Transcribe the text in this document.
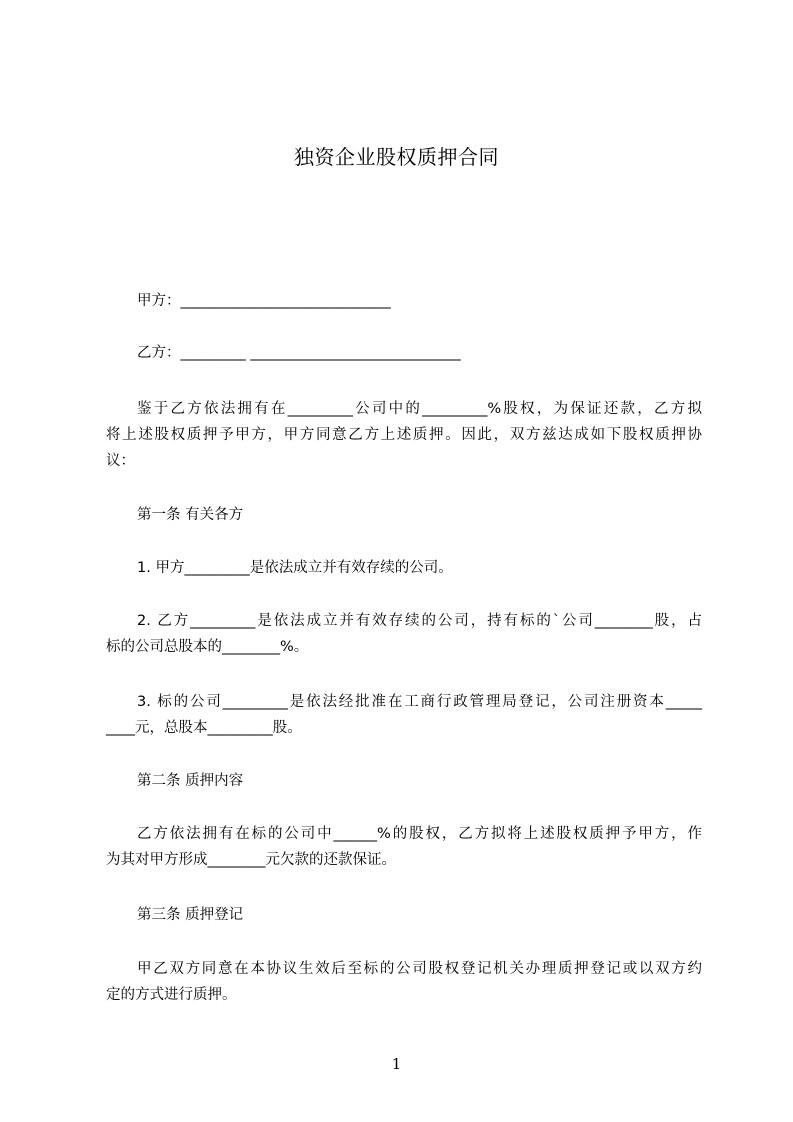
独资企业股权质押合同
甲方：_____________________________
乙方：_________ _____________________________
鉴于乙方依法拥有在_________公司中的_________%股权，为保证还款，乙方拟
将上述股权质押予甲方，甲方同意乙方上述质押。因此，双方兹达成如下股权质押协
议：
第一条 有关各方
1. 甲方_________是依法成立并有效存续的公司。
2. 乙方_________是依法成立并有效存续的公司，持有标的`公司________股，占
标的公司总股本的________%。
3. 标的公司_________是依法经批准在工商行政管理局登记，公司注册资本_____
____元，总股本_________股。
第二条 质押内容
乙方依法拥有在标的公司中______%的股权，乙方拟将上述股权质押予甲方，作
为其对甲方形成________元欠款的还款保证。
第三条 质押登记
甲乙双方同意在本协议生效后至标的公司股权登记机关办理质押登记或以双方约
定的方式进行质押。
1
